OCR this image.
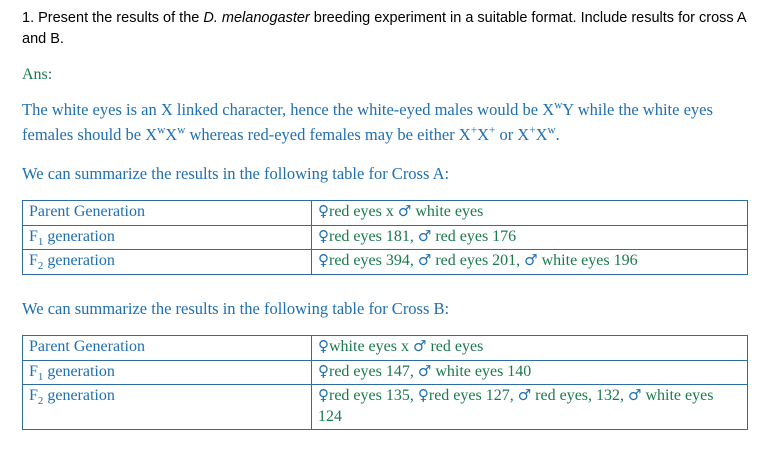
1. Present the results of the D. melanogaster breeding experiment in a suitable format. Include results for cross A and B.

Ans:

The white eyes is an X linked character, hence the white-eyed males would be $X^wY$ while the white eyes females should be $X^wX^w$ whereas red-eyed females may be either X+X+ or $X^+X^w$.

We can summarize the results in the following table for Cross A:

Parent Generation	♀red eyes x ♂ white eyes
$F_1$ generation	♀red eyes 181, ♂ red eyes 176
$F_2$ generation	♀red eyes 394, ♂ red eyes 201, ♂ white eyes 196

We can summarize the results in the following table for Cross B:

Parent Generation	♀white eyes x ♂ red eyes
$F_1$ generation	♀red eyes 147, ♂ white eyes 140
$F_2$ generation	♀red eyes 135, ♀red eyes 127, ♂ red eyes, 132, ♂ white eyes 124
